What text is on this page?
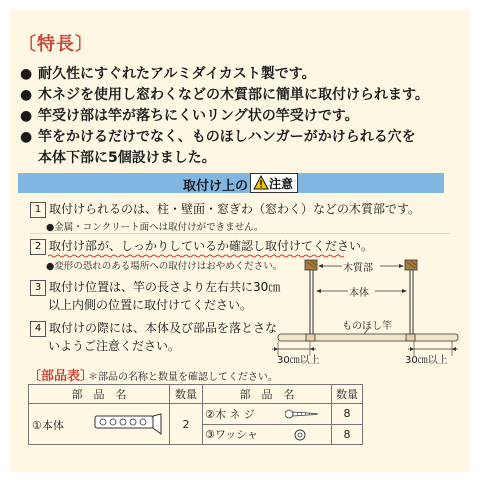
〔特長〕
● 耐久性にすぐれたアルミダイカスト製です。
● 木ネジを使用し窓わくなどの木質部に簡単に取付けられます。
● 竿受け部は竿が落ちにくいリング状の竿受けです。
● 竿をかけるだけでなく、ものほしハンガーがかけられる穴を
本体下部に5個設けました。
取付け上の 注意
1 取付けられるのは、柱・壁面・窓ぎわ（窓わく）などの木質部です。
●金属・コンクリート面へは取付けができません。
2 取付け部が、しっかりしているか確認し取付けてください。
●変形の恐れのある場所への取付けはおやめください。
3 取付け位置は、竿の長さより左右共に30㎝
以上内側の位置に取付けてください。
4 取付けの際には、本体及び部品を落とさな
いようご注意ください。
木質部
本体
ものほし竿
30㎝以上	30㎝以上
〔部品表〕
＊部品の名称と数量を確認してください。
部　品　名	数量	部　品　名	数量

①本体	2	②木 ネ ジ	8
		③ワッシャ	8
